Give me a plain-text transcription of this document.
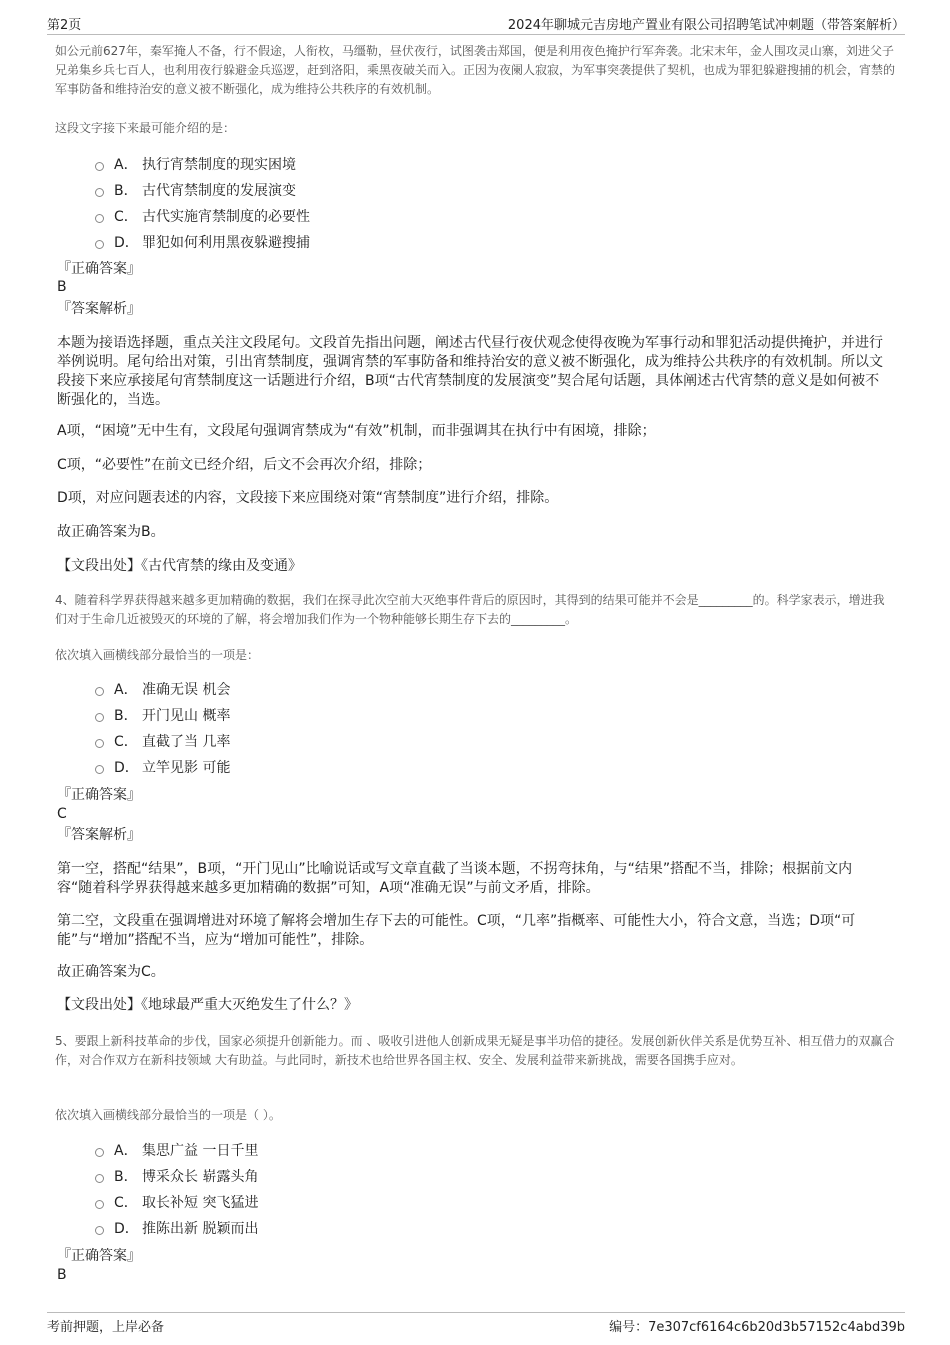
第2页	2024年聊城元吉房地产置业有限公司招聘笔试冲刺题（带答案解析）
如公元前627年，秦军掩人不备，行不假途，人衔枚，马缰勒，昼伏夜行，试图袭击郑国，便是利用夜色掩护行军奔袭。北宋末年，金人围攻灵山寨，刘进父子兄弟集乡兵七百人，也利用夜行躲避金兵巡逻，赶到洛阳，乘黑夜破关而入。正因为夜阑人寂寂，为军事突袭提供了契机，也成为罪犯躲避搜捕的机会，宵禁的军事防备和维持治安的意义被不断强化，成为维持公共秩序的有效机制。
这段文字接下来最可能介绍的是：
A． 执行宵禁制度的现实困境
B． 古代宵禁制度的发展演变
C． 古代实施宵禁制度的必要性
D． 罪犯如何利用黑夜躲避搜捕
『正确答案』
B
『答案解析』
本题为接语选择题，重点关注文段尾句。文段首先指出问题，阐述古代昼行夜伏观念使得夜晚为军事行动和罪犯活动提供掩护，并进行举例说明。尾句给出对策，引出宵禁制度，强调宵禁的军事防备和维持治安的意义被不断强化，成为维持公共秩序的有效机制。所以文段接下来应承接尾句宵禁制度这一话题进行介绍，B项“古代宵禁制度的发展演变”契合尾句话题，具体阐述古代宵禁的意义是如何被不断强化的，当选。
A项，“困境”无中生有，文段尾句强调宵禁成为“有效”机制，而非强调其在执行中有困境，排除；
C项，“必要性”在前文已经介绍，后文不会再次介绍，排除；
D项，对应问题表述的内容，文段接下来应围绕对策“宵禁制度”进行介绍，排除。
故正确答案为B。
【文段出处】《古代宵禁的缘由及变通》
4、随着科学界获得越来越多更加精确的数据，我们在探寻此次空前大灭绝事件背后的原因时，其得到的结果可能并不会是_________的。科学家表示，增进我们对于生命几近被毁灭的环境的了解，将会增加我们作为一个物种能够长期生存下去的_________。
依次填入画横线部分最恰当的一项是：
A． 准确无误 机会
B． 开门见山 概率
C． 直截了当 几率
D． 立竿见影 可能
『正确答案』
C
『答案解析』
第一空，搭配“结果”，B项，“开门见山”比喻说话或写文章直截了当谈本题，不拐弯抹角，与“结果”搭配不当，排除；根据前文内容“随着科学界获得越来越多更加精确的数据”可知，A项“准确无误”与前文矛盾，排除。
第二空，文段重在强调增进对环境了解将会增加生存下去的可能性。C项，“几率”指概率、可能性大小，符合文意，当选；D项“可能”与“增加”搭配不当，应为“增加可能性”，排除。
故正确答案为C。
【文段出处】《地球最严重大灭绝发生了什么？》
5、要跟上新科技革命的步伐，国家必须提升创新能力。而 、吸收引进他人创新成果无疑是事半功倍的捷径。发展创新伙伴关系是优势互补、相互借力的双赢合作，对合作双方在新科技领域 大有助益。与此同时，新技术也给世界各国主权、安全、发展利益带来新挑战，需要各国携手应对。
依次填入画横线部分最恰当的一项是（ ）。
A． 集思广益 一日千里
B． 博采众长 崭露头角
C． 取长补短 突飞猛进
D． 推陈出新 脱颖而出
『正确答案』
B
考前押题，上岸必备	编号：7e307cf6164c6b20d3b57152c4abd39b
